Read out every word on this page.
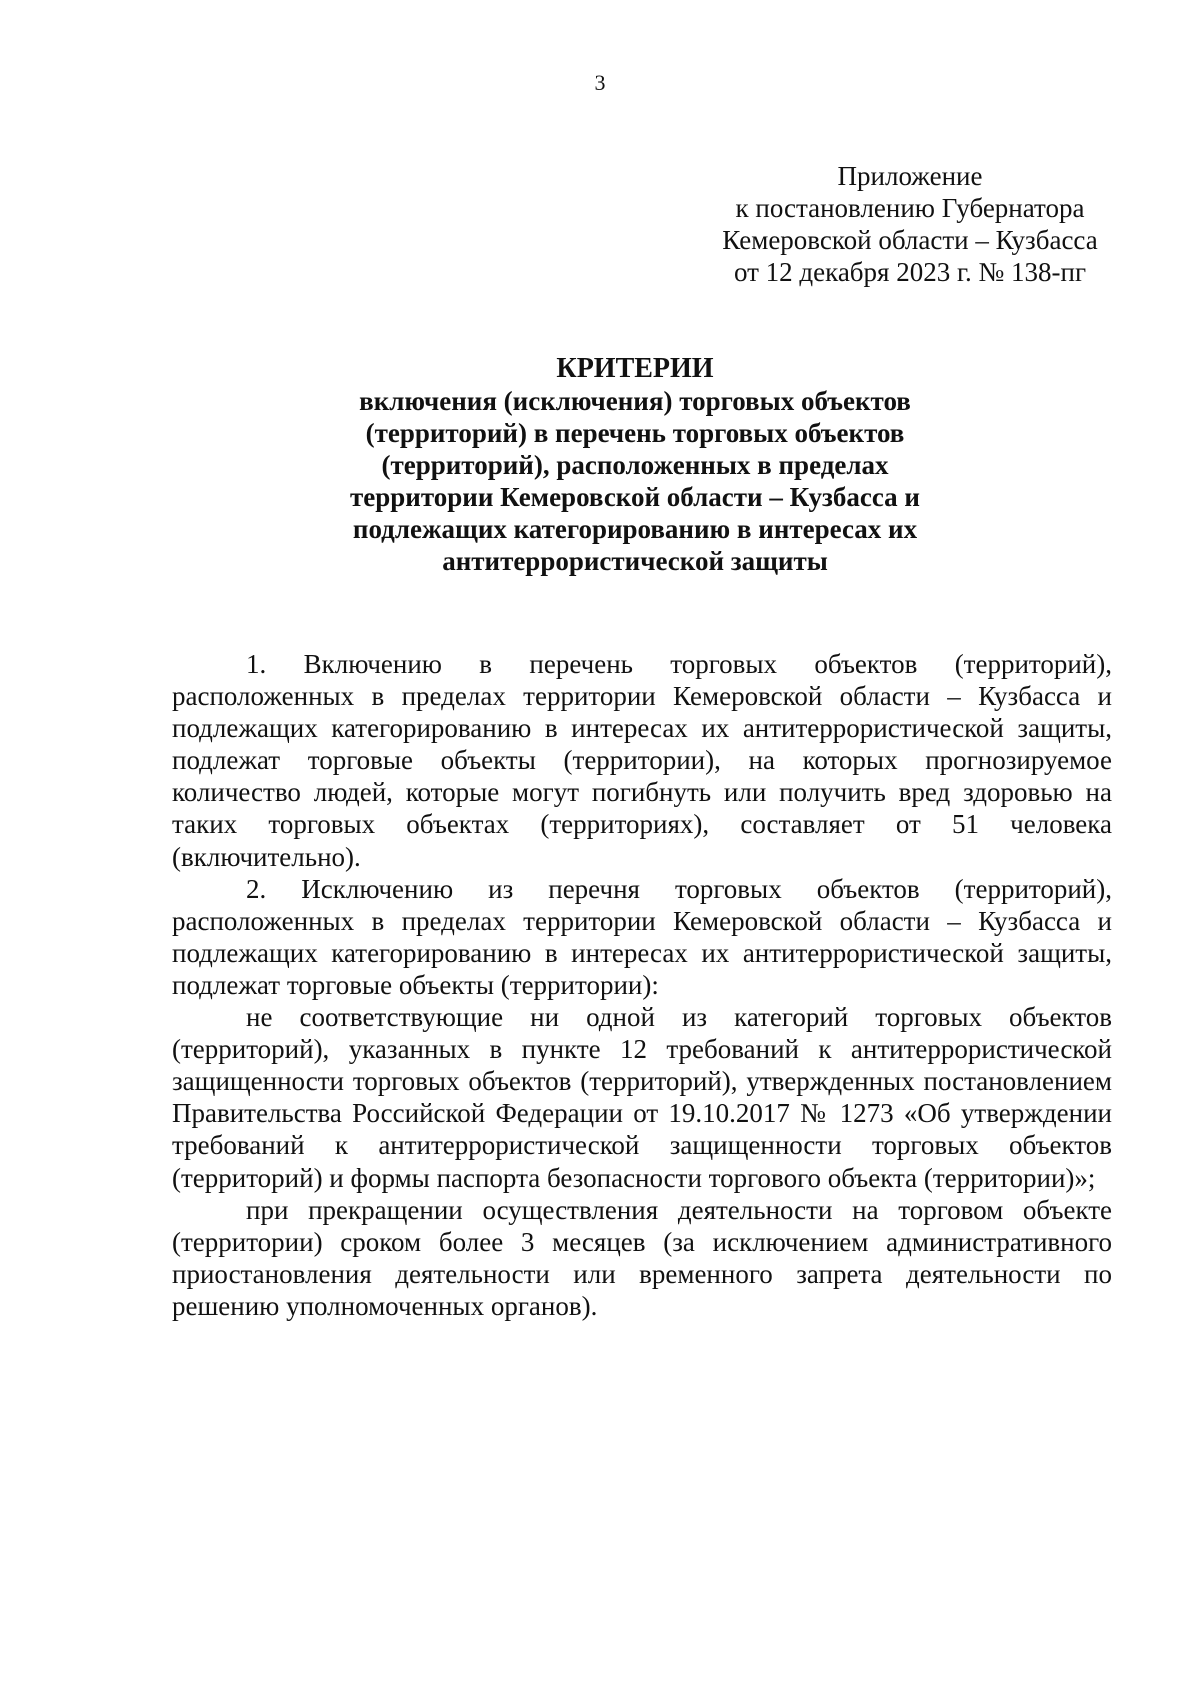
3
Приложение
к постановлению Губернатора
Кемеровской области – Кузбасса
от 12 декабря 2023 г. № 138-пг
КРИТЕРИИ
включения (исключения) торговых объектов
(территорий) в перечень торговых объектов
(территорий), расположенных в пределах
территории Кемеровской области – Кузбасса и
подлежащих категорированию в интересах их
антитеррористической защиты

1. Включению в перечень торговых объектов (территорий), расположенных в пределах территории Кемеровской области – Кузбасса и подлежащих категорированию в интересах их антитеррористической защиты, подлежат торговые объекты (территории), на которых прогнозируемое количество людей, которые могут погибнуть или получить вред здоровью на таких торговых объектах (территориях), составляет от 51 человека (включительно).

2. Исключению из перечня торговых объектов (территорий), расположенных в пределах территории Кемеровской области – Кузбасса и подлежащих категорированию в интересах их антитеррористической защиты, подлежат торговые объекты (территории):

не соответствующие ни одной из категорий торговых объектов (территорий), указанных в пункте 12 требований к антитеррористической защищенности торговых объектов (территорий), утвержденных постановлением Правительства Российской Федерации от 19.10.2017 № 1273 «Об утверждении требований к антитеррористической защищенности торговых объектов (территорий) и формы паспорта безопасности торгового объекта (территории)»;

при прекращении осуществления деятельности на торговом объекте (территории) сроком более 3 месяцев (за исключением административного приостановления деятельности или временного запрета деятельности по решению уполномоченных органов).
